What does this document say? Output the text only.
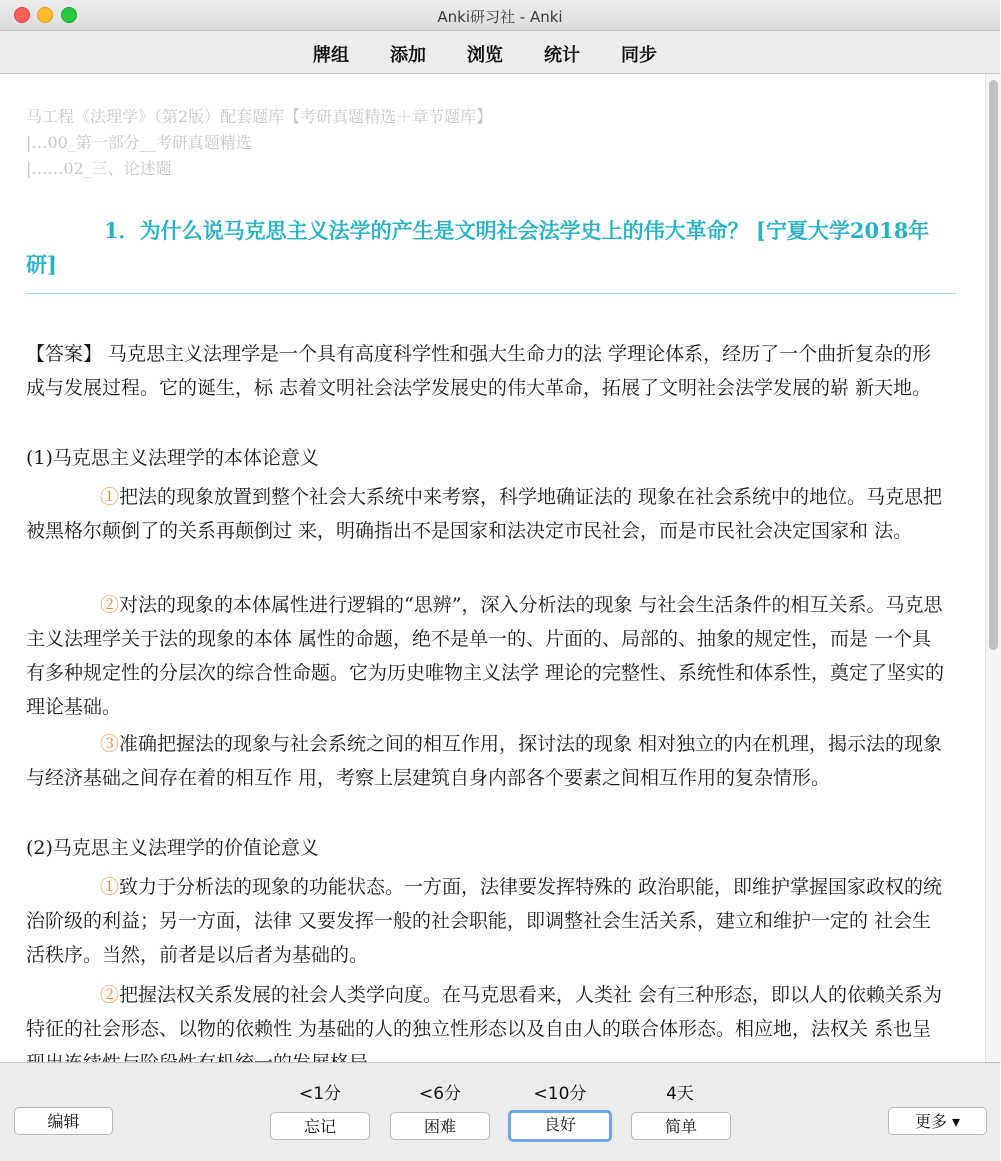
Anki研习社 - Anki
牌组 添加 浏览 统计 同步
马工程《法理学》（第2版）配套题库【考研真题精选＋章节题库】
|…00_第一部分__考研真题精选
|……02_三、论述题
1．为什么说马克思主义法学的产生是文明社会法学史上的伟大革命？ [宁夏大学2018年研]

【答案】 马克思主义法理学是一个具有高度科学性和强大生命力的法 学理论体系，经历了一个曲折复杂的形成与发展过程。它的诞生，标 志着文明社会法学发展史的伟大革命，拓展了文明社会法学发展的崭 新天地。

(1)马克思主义法理学的本体论意义

①把法的现象放置到整个社会大系统中来考察，科学地确证法的 现象在社会系统中的地位。马克思把被黑格尔颠倒了的关系再颠倒过 来，明确指出不是国家和法决定市民社会，而是市民社会决定国家和 法。

②对法的现象的本体属性进行逻辑的“思辨”，深入分析法的现象 与社会生活条件的相互关系。马克思主义法理学关于法的现象的本体 属性的命题，绝不是单一的、片面的、局部的、抽象的规定性，而是 一个具有多种规定性的分层次的综合性命题。它为历史唯物主义法学 理论的完整性、系统性和体系性，奠定了坚实的理论基础。

③准确把握法的现象与社会系统之间的相互作用，探讨法的现象 相对独立的内在机理，揭示法的现象与经济基础之间存在着的相互作 用，考察上层建筑自身内部各个要素之间相互作用的复杂情形。

(2)马克思主义法理学的价值论意义

①致力于分析法的现象的功能状态。一方面，法律要发挥特殊的 政治职能，即维护掌握国家政权的统治阶级的利益；另一方面，法律 又要发挥一般的社会职能，即调整社会生活关系，建立和维护一定的 社会生活秩序。当然，前者是以后者为基础的。

②把握法权关系发展的社会人类学向度。在马克思看来，人类社 会有三种形态，即以人的依赖关系为特征的社会形态、以物的依赖性 为基础的人的独立性形态以及自由人的联合体形态。相应地，法权关 系也呈

编辑
<1分	<6分	<10分	4天
忘记	困难	良好	简单	更多 ▾
